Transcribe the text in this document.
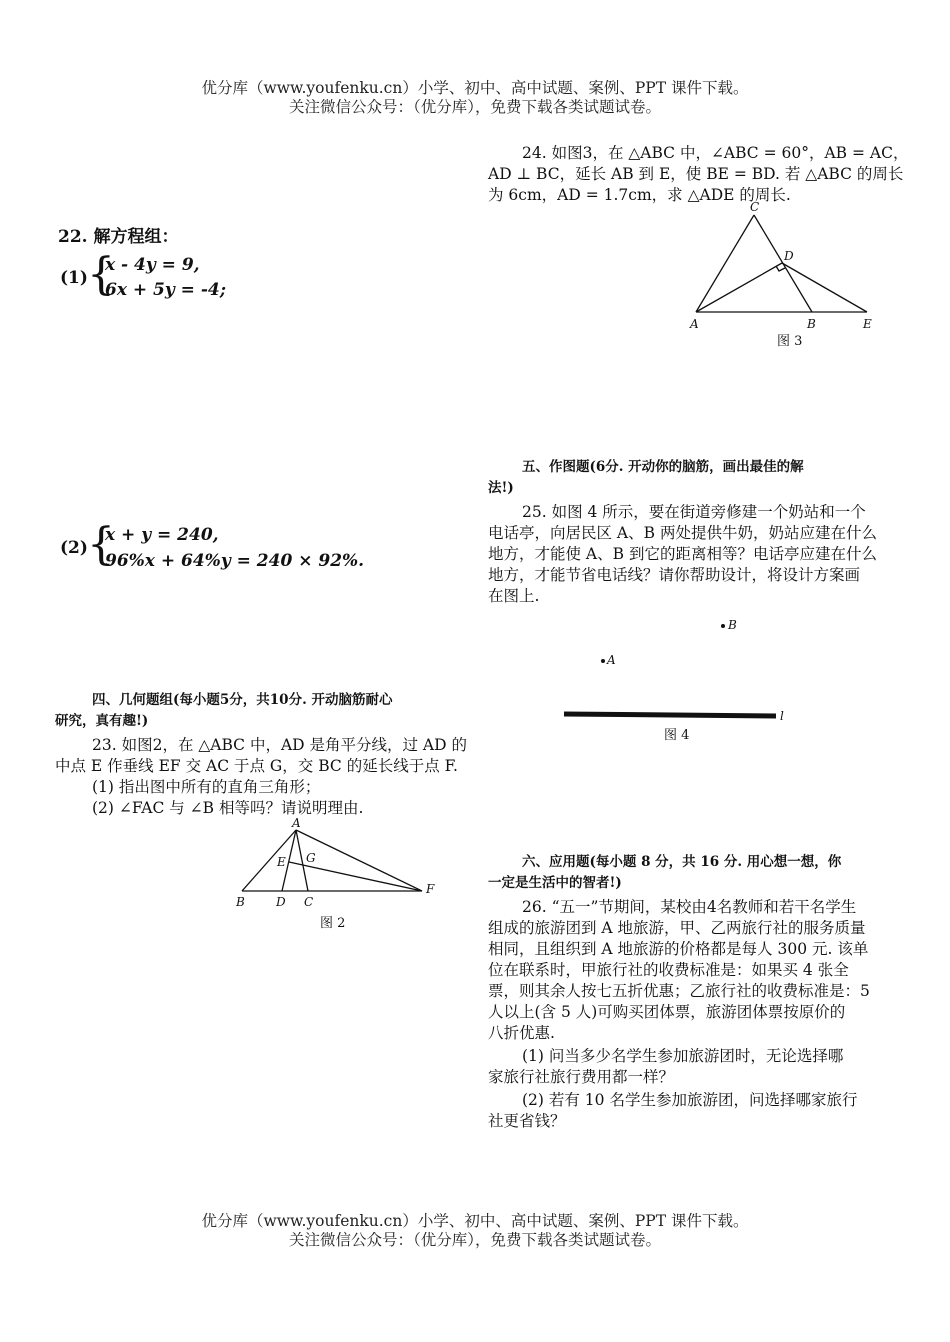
优分库（www.youfenku.cn）小学、初中、高中试题、案例、PPT 课件下载。
关注微信公众号：（优分库），免费下载各类试题试卷。
22. 解方程组：
(1) {
x - 4y = 9,
6x + 5y = -4;
(2) {
x + y = 240,
96%x + 64%y = 240 × 92%.
四、几何题组(每小题5分，共10分. 开动脑筋耐心
研究，真有趣!)
23. 如图2，在 △ABC 中，AD 是角平分线，过 AD 的
中点 E 作垂线 EF 交 AC 于点 G，交 BC 的延长线于点 F.
(1) 指出图中所有的直角三角形；
(2) ∠FAC 与 ∠B 相等吗？请说明理由.
A
B	D C
F
E G
图 2
24. 如图3，在 △ABC 中，∠ABC = 60°，AB = AC，
AD ⊥ BC，延长 AB 到 E，使 BE = BD. 若 △ABC 的周长
为 6cm，AD = 1.7cm，求 △ADE 的周长.
C
D
A	B	E
图 3
五、作图题(6分. 开动你的脑筋，画出最佳的解
法!)
25. 如图 4 所示，要在街道旁修建一个奶站和一个
电话亭，向居民区 A、B 两处提供牛奶，奶站应建在什么
地方，才能使 A、B 到它的距离相等？电话亭应建在什么
地方，才能节省电话线？请你帮助设计，将设计方案画
在图上.
B
A
l
图 4
六、应用题(每小题 8 分，共 16 分. 用心想一想，你
一定是生活中的智者!)
26. “五一”节期间，某校由4名教师和若干名学生
组成的旅游团到 A 地旅游，甲、乙两旅行社的服务质量
相同，且组织到 A 地旅游的价格都是每人 300 元. 该单
位在联系时，甲旅行社的收费标准是：如果买 4 张全
票，则其余人按七五折优惠；乙旅行社的收费标准是：5
人以上(含 5 人)可购买团体票，旅游团体票按原价的
八折优惠.
(1) 问当多少名学生参加旅游团时，无论选择哪
家旅行社旅行费用都一样？
(2) 若有 10 名学生参加旅游团，问选择哪家旅行
社更省钱？
优分库（www.youfenku.cn）小学、初中、高中试题、案例、PPT 课件下载。
关注微信公众号：（优分库），免费下载各类试题试卷。
